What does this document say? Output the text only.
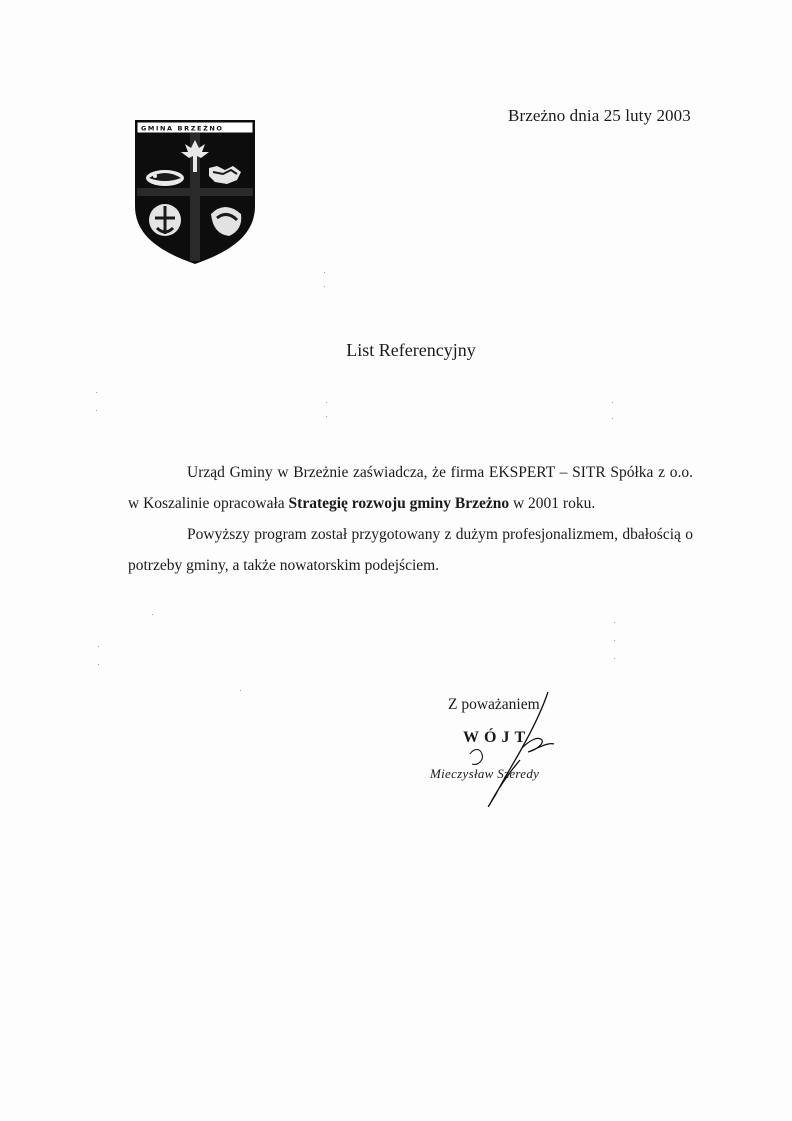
GMINA BRZEŹNO
Brzeżno dnia 25 luty 2003
List Referencyjny

Urząd Gminy w Brzeżnie zaświadcza, że firma EKSPERT – SITR Spółka z o.o. w Koszalinie opracowała Strategię rozwoju gminy Brzeżno w 2001 roku.

Powyższy program został przygotowany z dużym profesjonalizmem, dbałością o potrzeby gminy, a także nowatorskim podejściem.

Z poważaniem
WÓJT
Mieczysław Szeredy
